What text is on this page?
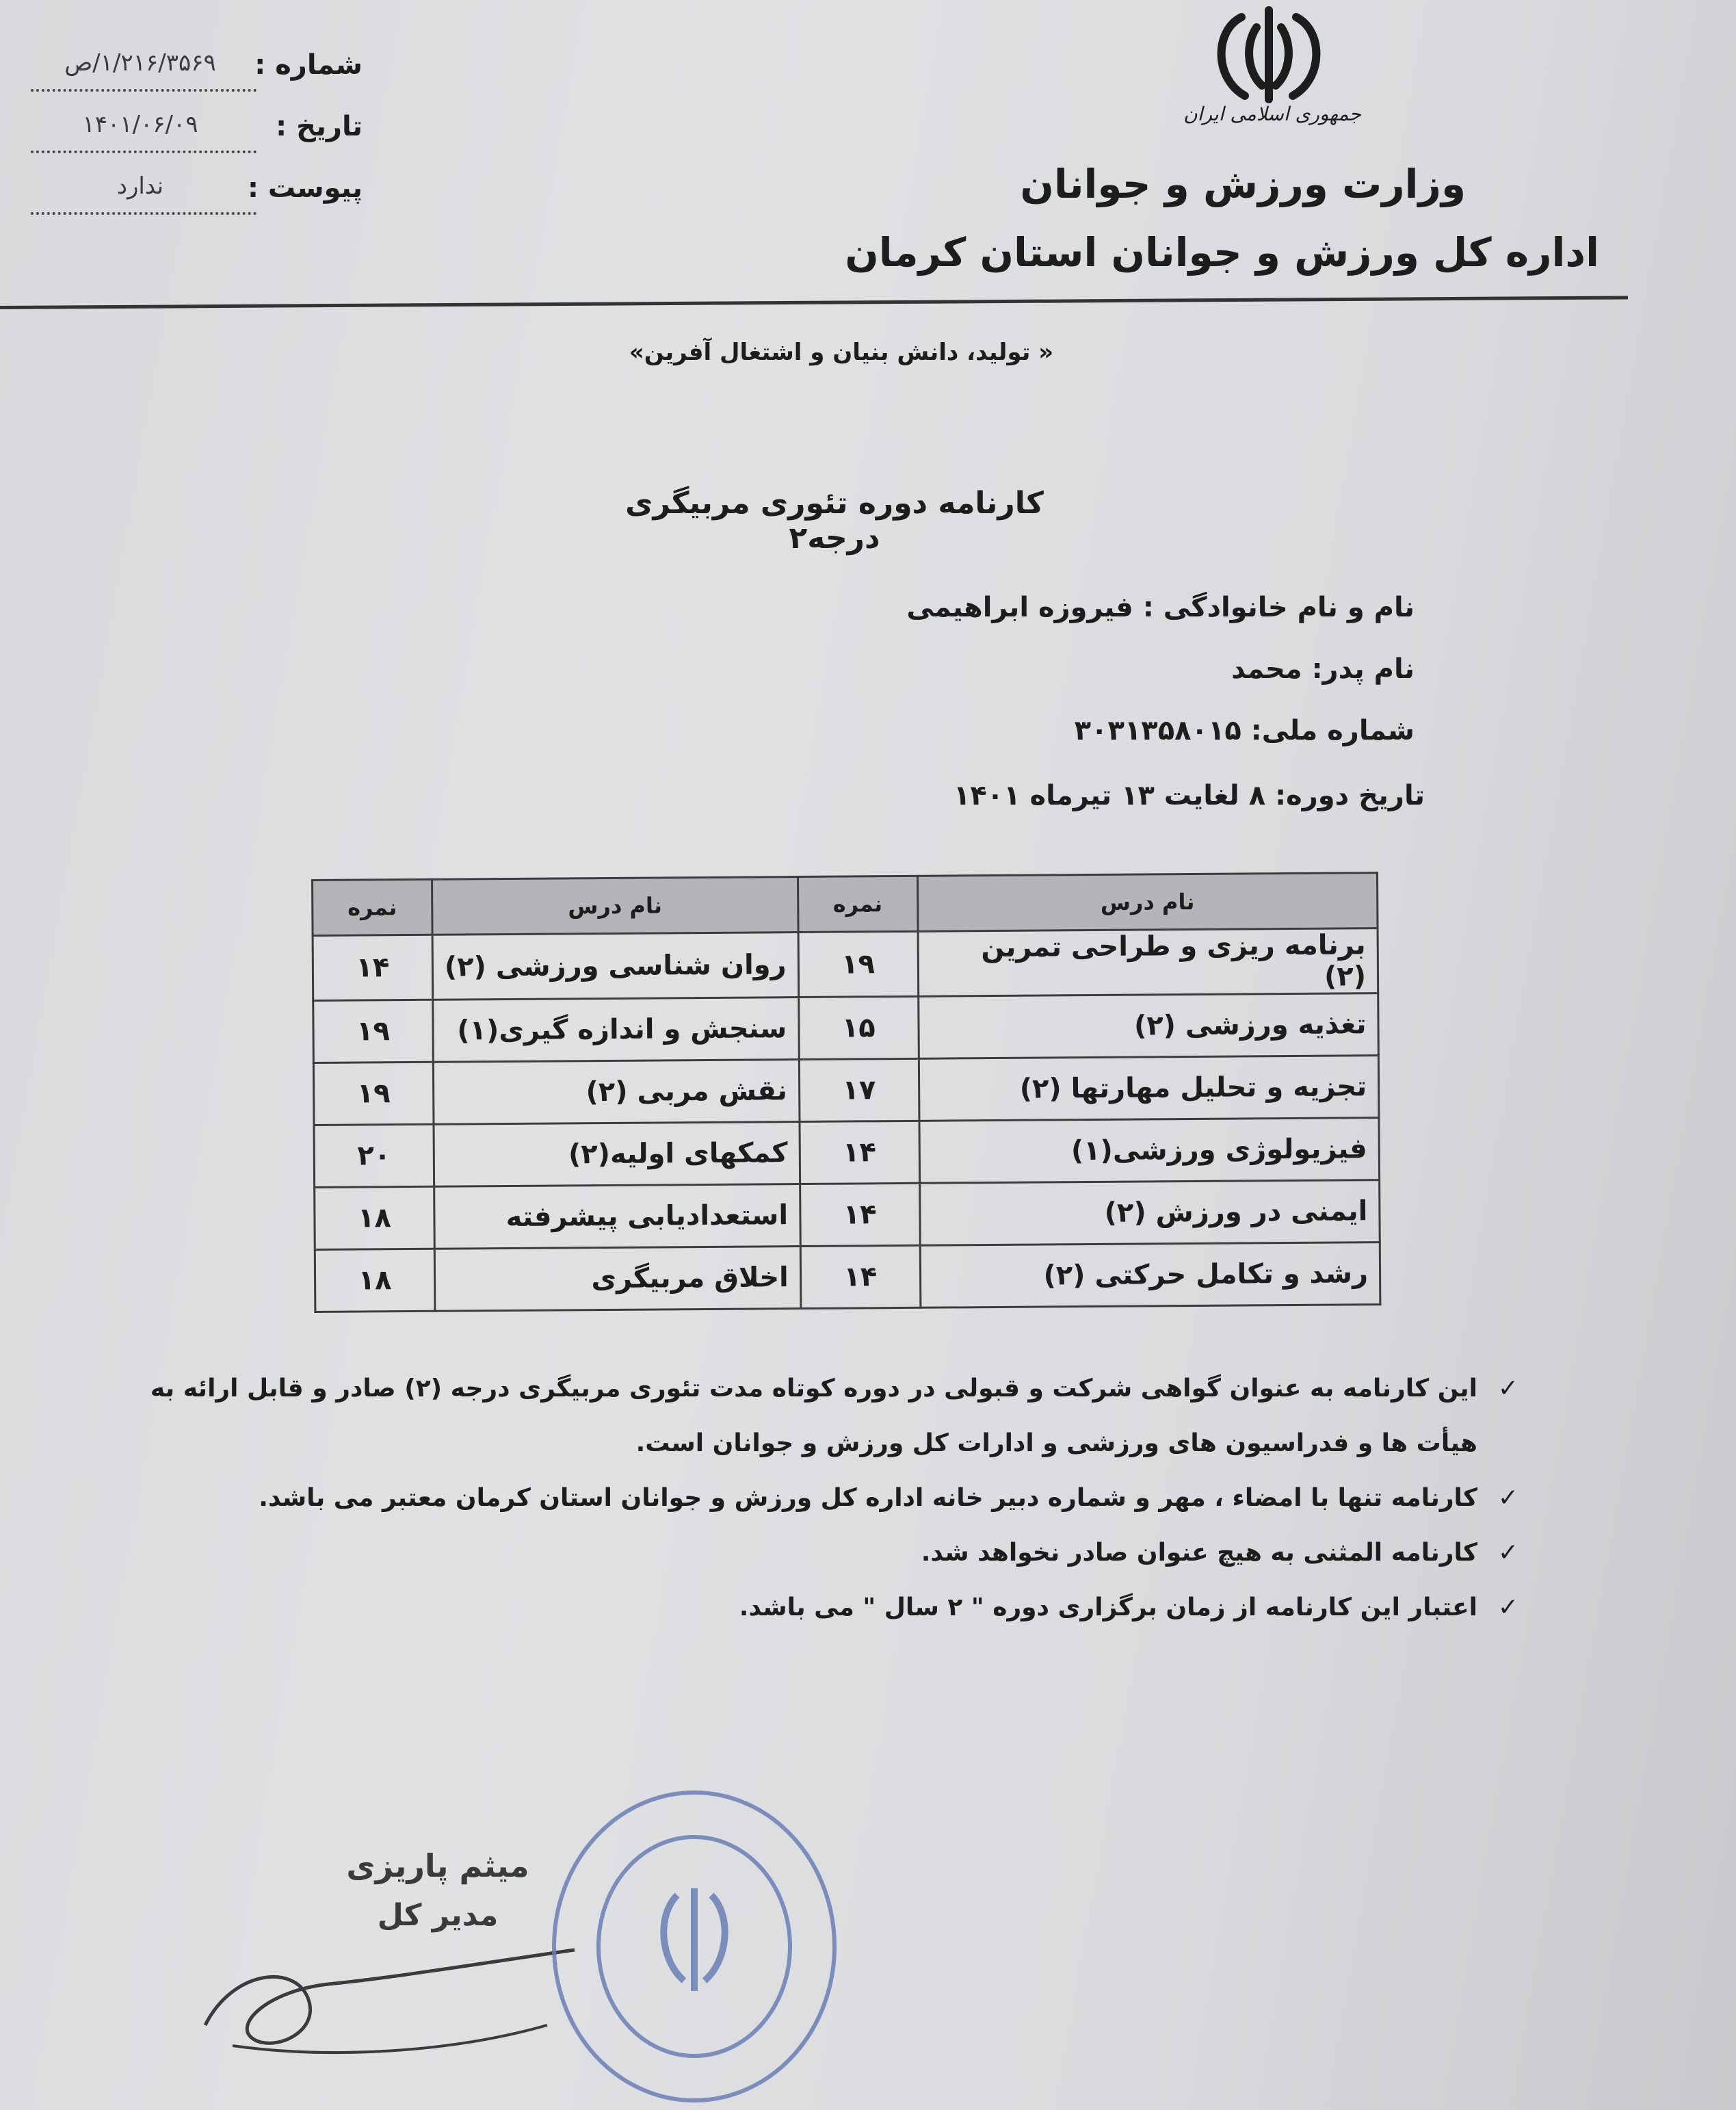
شماره :
۱/۲۱۶/۳۵۶۹/ص
تاریخ :
۱۴۰۱/۰۶/۰۹
پیوست :
ندارد
جمهوری اسلامی ایران
وزارت ورزش و جوانان
اداره کل ورزش و جوانان استان کرمان
« تولید، دانش بنیان و اشتغال آفرین»
کارنامه دوره تئوری مربیگری درجه۲
نام و نام خانوادگی : فیروزه ابراهیمی
نام پدر: محمد
شماره ملی: ۳۰۳۱۳۵۸۰۱۵
تاریخ دوره: ۸ لغایت ۱۳ تیرماه ۱۴۰۱
نام درس	نمره	نام درس	نمره
برنامه ریزی و طراحی تمرین (۲)	۱۹	روان شناسی ورزشی (۲)	۱۴
تغذیه ورزشی (۲)	۱۵	سنجش و اندازه گیری(۱)	۱۹
تجزیه و تحلیل مهارتها (۲)	۱۷	نقش مربی (۲)	۱۹
فیزیولوژی ورزشی(۱)	۱۴	کمکهای اولیه(۲)	۲۰
ایمنی در ورزش (۲)	۱۴	استعدادیابی پیشرفته	۱۸
رشد و تکامل حرکتی (۲)	۱۴	اخلاق مربیگری	۱۸
✓
این کارنامه به عنوان گواهی شرکت و قبولی در دوره کوتاه مدت تئوری مربیگری درجه (۲) صادر و قابل ارائه به هیأت ها و فدراسیون های ورزشی و ادارات کل ورزش و جوانان است.
✓
کارنامه تنها با امضاء ، مهر و شماره دبیر خانه اداره کل ورزش و جوانان استان کرمان معتبر می باشد.
✓
کارنامه المثنی به هیچ عنوان صادر نخواهد شد.
✓
اعتبار این کارنامه از زمان برگزاری دوره " ۲ سال " می باشد.
میثم پاریزی
مدیر کل
